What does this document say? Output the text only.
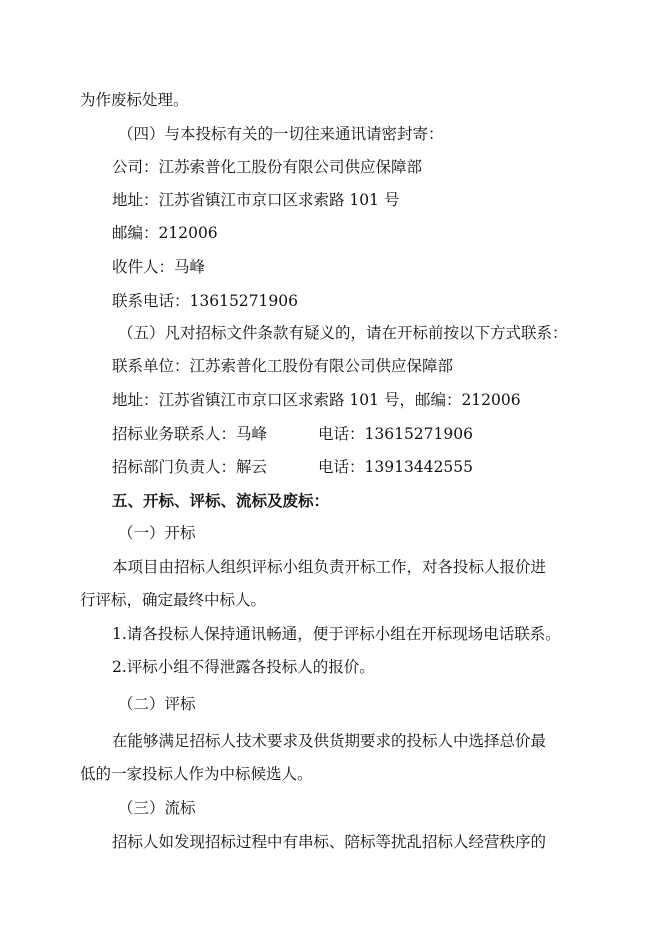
为作废标处理。
（四）与本投标有关的一切往来通讯请密封寄：
公司：江苏索普化工股份有限公司供应保障部
地址：江苏省镇江市京口区求索路 101 号
邮编：212006
收件人：马峰
联系电话：13615271906
（五）凡对招标文件条款有疑义的，请在开标前按以下方式联系：
联系单位：江苏索普化工股份有限公司供应保障部
地址：江苏省镇江市京口区求索路 101 号，邮编：212006
招标业务联系人：马峰	电话：13615271906
招标部门负责人：解云	电话：13913442555
五、开标、评标、流标及废标：
（一）开标
本项目由招标人组织评标小组负责开标工作，对各投标人报价进
行评标，确定最终中标人。
1.请各投标人保持通讯畅通，便于评标小组在开标现场电话联系。
2.评标小组不得泄露各投标人的报价。
（二）评标
在能够满足招标人技术要求及供货期要求的投标人中选择总价最
低的一家投标人作为中标候选人。
（三）流标
招标人如发现招标过程中有串标、陪标等扰乱招标人经营秩序的
